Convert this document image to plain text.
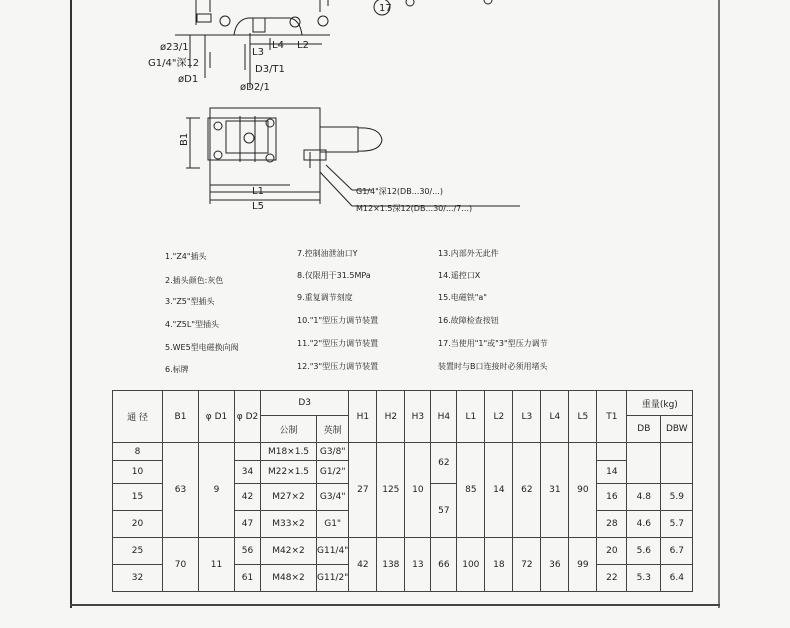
17
L3
L4 L2
D3/T1
øD2/1
ø23/1
G1/4"深12
øD1
B1
L1
L5
G1/4"深12(DB...30/...)
M12×1.5深12(DB...30/.../7...)
1."Z4"插头
2.插头颜色:灰色
3."Z5"型插头
4."Z5L"型插头
5.WE5型电磁换向阀
6.标牌
7.控制油泄油口Y
8.仅限用于31.5MPa
9.重复调节刻度
10."1"型压力调节装置
11."2"型压力调节装置
12."3"型压力调节装置
13.内部外无此件
14.遥控口X
15.电磁铁"a"
16.故障检查按钮
17.当使用"1"或"3"型压力调节
装置时与B口连接时必须用堵头
通 径	B1	φ D1	φ D2	D3		H1	H2	H3	H4	L1	L2	L3	L4	L5	T1	重量(kg)	
				公制	英制											DB	DBW
8	63	9		M18×1.5	G3/8"	27	125	10	62	85	14	62	31	90			
10			34	M22×1.5	G1/2"										14		
15			42	M27×2	G3/4"				57						16	4.8	5.9
20			47	M33×2	G1"										28	4.6	5.7
25	70	11	56	M42×2	G11/4"	42	138	13	66	100	18	72	36	99	20	5.6	6.7
32			61	M48×2	G11/2"										22	5.3	6.4
